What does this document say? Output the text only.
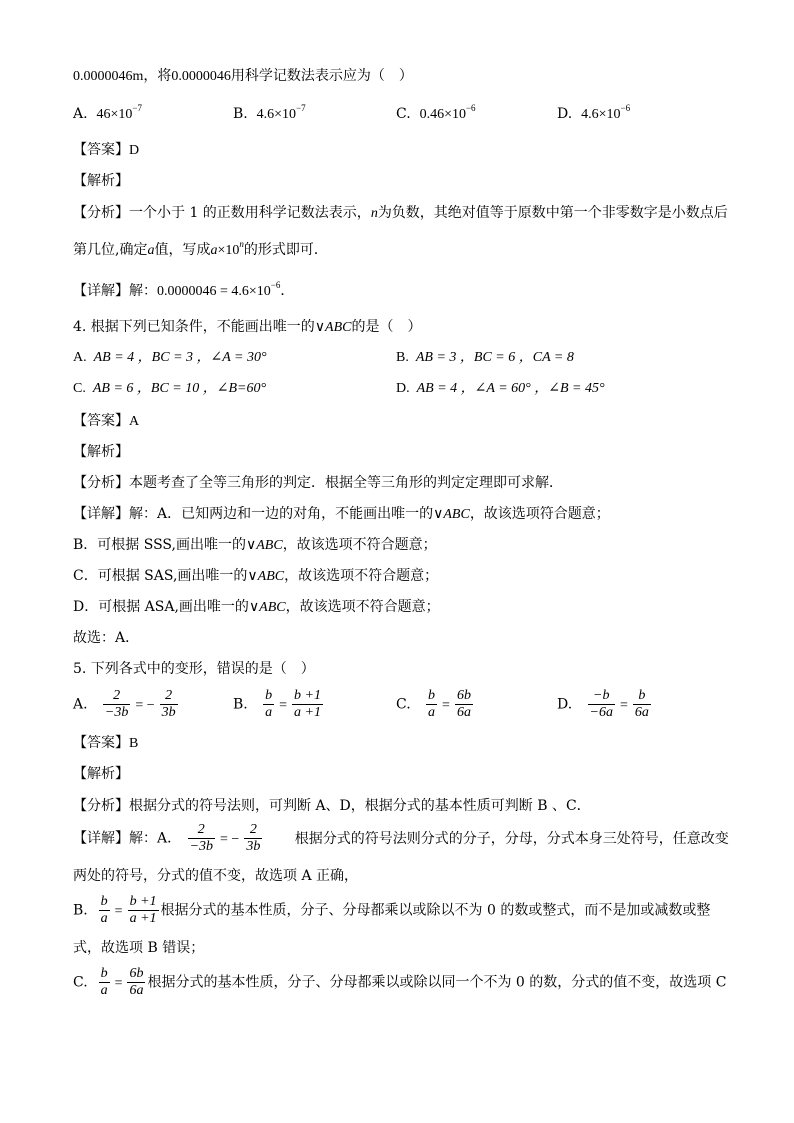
0.0000046m，将0.0000046用科学记数法表示应为（　）
A. $46\times 10^{-7}$	B. $4.6\times 10^{-7}$	C. $0.46\times 10^{-6}$	D. $4.6\times 10^{-6}$
【答案】D
【解析】
【分析】一个小于 1 的正数用科学记数法表示，n为负数，其绝对值等于原数中第一个非零数字是小数点后
第几位,确定a值，写成$a\times 10^n$的形式即可．
【详解】解：$0.0000046 = 4.6\times 10^{-6}$．
4. 根据下列已知条件，不能画出唯一的∨ABC的是（　）
A. AB = 4 ，BC = 3 ，∠A = 30°	B. AB = 3 ，BC = 6 ，CA = 8
C. AB = 6 ，BC = 10 ，∠B=60°	D. AB = 4 ，∠A = 60° ，∠B = 45°
【答案】A
【解析】
【分析】本题考查了全等三角形的判定．根据全等三角形的判定定理即可求解．
【详解】解：A．已知两边和一边的对角，不能画出唯一的∨ABC，故该选项符合题意；
B．可根据 SSS,画出唯一的∨ABC，故该选项不符合题意；
C．可根据 SAS,画出唯一的∨ABC，故该选项不符合题意；
D．可根据 ASA,画出唯一的∨ABC，故该选项不符合题意；
故选：A．
5. 下列各式中的变形，错误的是（　）
A. $\frac{2}{-3b}$ = − $\frac{2}{3b}$	B. $\frac{b}{a} = \frac{b +1}{a +1}$	C. $\frac{b}{a} = \frac{6b}{6a}$	D. $\frac{-b}{-6a} = \frac{b}{6a}$
【答案】B
【解析】
【分析】根据分式的符号法则，可判断 A、D，根据分式的基本性质可判断 B 、C．
【详解】解：A． $\frac{2}{-3b}$ = − $\frac{2}{3b}$ 根据分式的符号法则分式的分子，分母，分式本身三处符号，任意改变
两处的符号，分式的值不变，故选项 A 正确，
B. $\frac{b}{a} = \frac{b +1}{a +1}$ 根据分式的基本性质，分子、分母都乘以或除以不为 0 的数或整式，而不是加或减数或整
式，故选项 B 错误；
C. $\frac{b}{a} = \frac{6b}{6a}$ 根据分式的基本性质，分子、分母都乘以或除以同一个不为 0 的数，分式的值不变，故选项 C
